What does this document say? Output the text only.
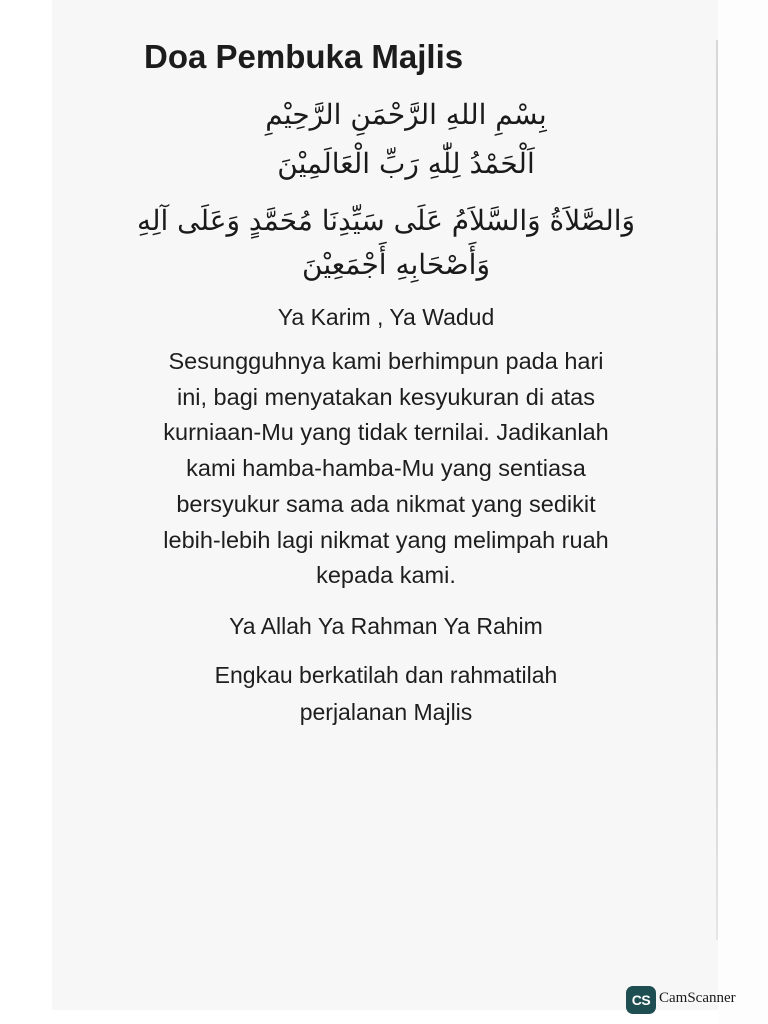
Doa Pembuka Majlis
بِسْمِ اللهِ الرَّحْمَنِ الرَّحِيْمِ
اَلْحَمْدُ لِلّٰهِ رَبِّ الْعَالَمِيْنَ
وَالصَّلاَةُ وَالسَّلاَمُ عَلَى سَيِّدِنَا مُحَمَّدٍ وَعَلَى آلِهِ
وَأَصْحَابِهِ أَجْمَعِيْنَ
Ya Karim , Ya Wadud
Sesungguhnya kami berhimpun pada hari
ini, bagi menyatakan kesyukuran di atas
kurniaan-Mu yang tidak ternilai. Jadikanlah
kami hamba-hamba-Mu yang sentiasa
bersyukur sama ada nikmat yang sedikit
lebih-lebih lagi nikmat yang melimpah ruah
kepada kami.
Ya Allah Ya Rahman Ya Rahim
Engkau berkatilah dan rahmatilah
perjalanan Majlis
CS CamScanner
